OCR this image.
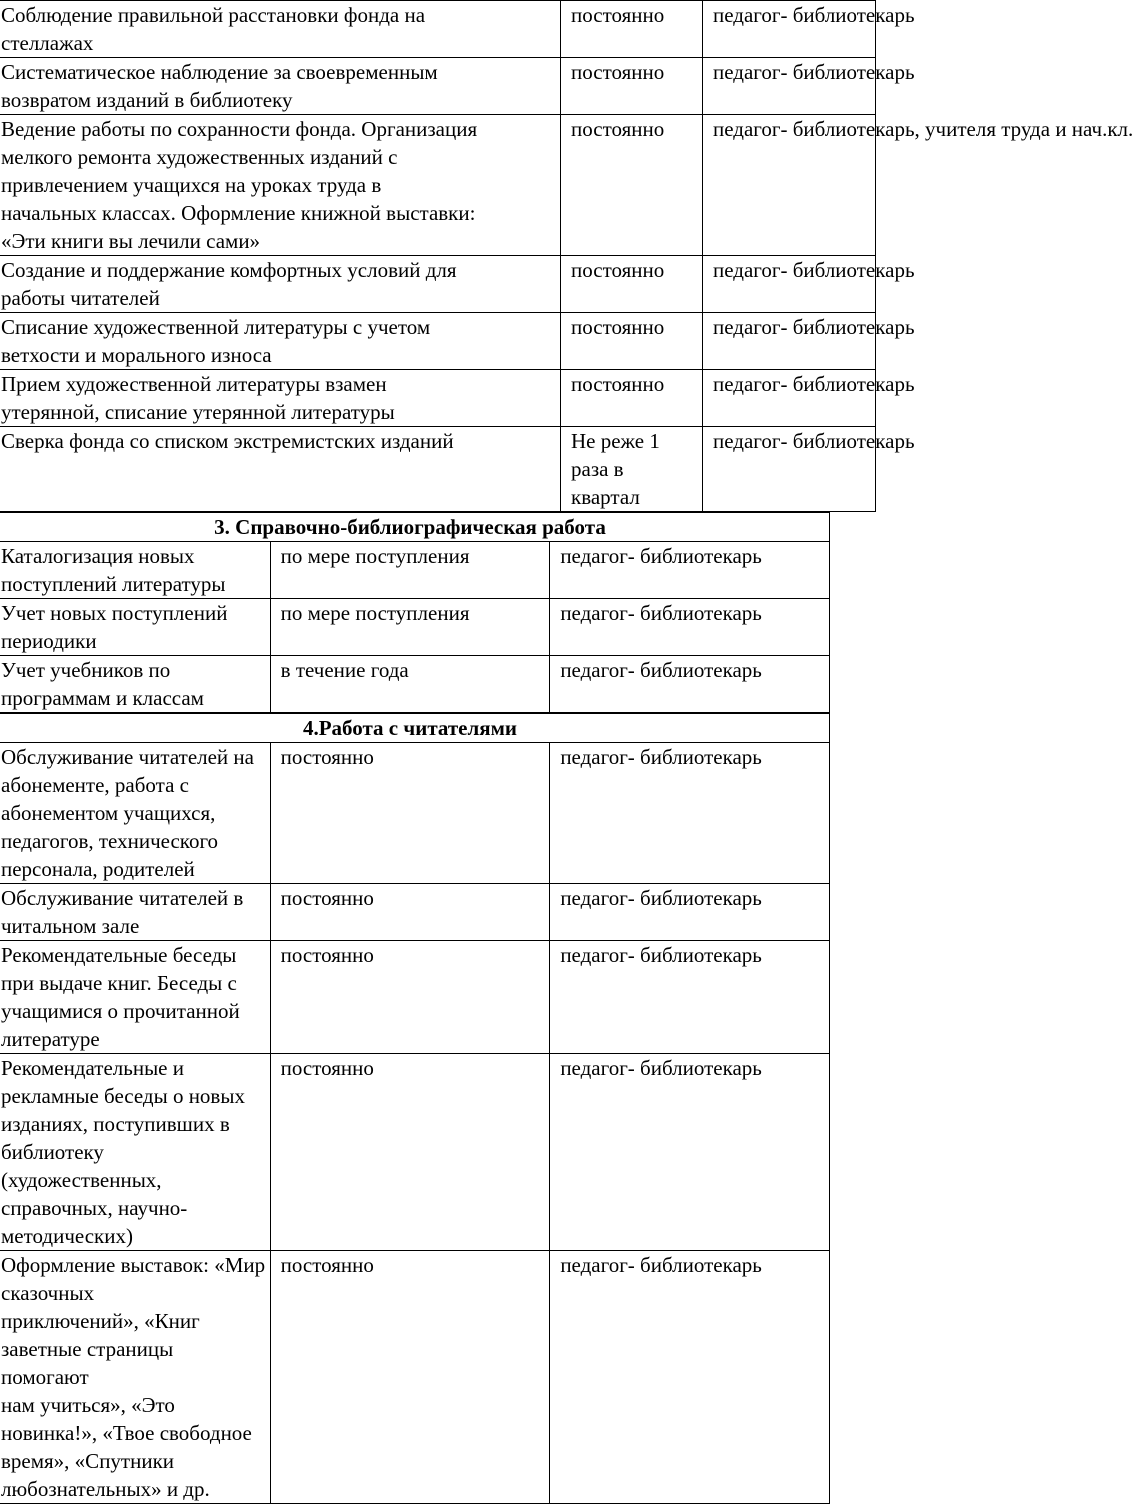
Соблюдение правильной расстановки фонда на
стеллажах	постоянно	педагог- библиотекарь
Систематическое наблюдение за своевременным
возвратом изданий в библиотеку	постоянно	педагог- библиотекарь
Ведение работы по сохранности фонда. Организация
мелкого ремонта художественных изданий с
привлечением учащихся на уроках труда в
начальных классах. Оформление книжной выставки:
«Эти книги вы лечили сами»	постоянно	педагог- библиотекарь, учителя труда и нач.кл.
Создание и поддержание комфортных условий для
работы читателей	постоянно	педагог- библиотекарь
Списание художественной литературы с учетом
ветхости и морального износа	постоянно	педагог- библиотекарь
Прием художественной литературы взамен
утерянной, списание утерянной литературы	постоянно	педагог- библиотекарь
Сверка фонда со списком экстремистских изданий	Не реже 1
раза в
квартал	педагог- библиотекарь
3. Справочно-библиографическая работа		
Каталогизация новых поступлений литературы	по мере поступления	педагог- библиотекарь
Учет новых поступлений периодики	по мере поступления	педагог- библиотекарь
Учет учебников по программам и классам	в течение года	педагог- библиотекарь
4.Работа с читателями		
Обслуживание читателей на абонементе, работа с
абонементом учащихся, педагогов, технического
персонала, родителей	постоянно	педагог- библиотекарь
Обслуживание читателей в читальном зале	постоянно	педагог- библиотекарь
Рекомендательные беседы при выдаче книг. Беседы с
учащимися о прочитанной литературе	постоянно	педагог- библиотекарь
Рекомендательные и рекламные беседы о новых
изданиях, поступивших в библиотеку
(художественных, справочных, научно-
методических)	постоянно	педагог- библиотекарь
Оформление выставок: «Мир сказочных
приключений», «Книг заветные страницы помогают
нам учиться», «Это новинка!», «Твое свободное
время», «Спутники любознательных» и др.	постоянно	педагог- библиотекарь
